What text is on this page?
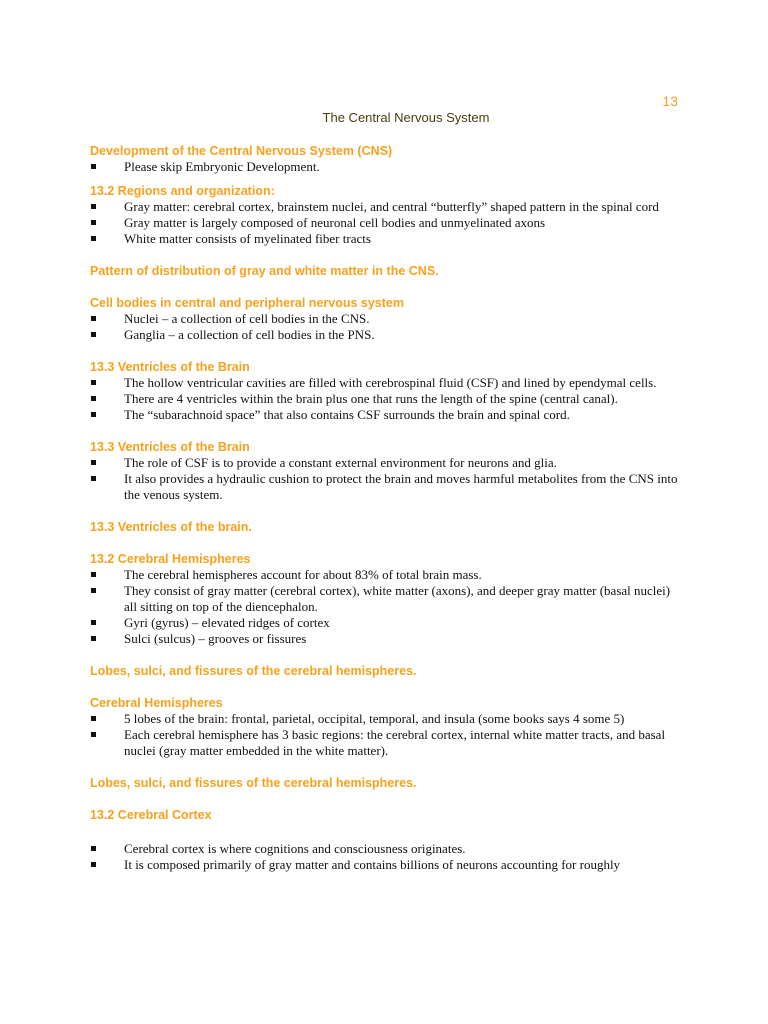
13
The Central Nervous System
Development of the Central Nervous System (CNS)
Please skip Embryonic Development.
13.2 Regions and organization:
Gray matter: cerebral cortex, brainstem nuclei, and central “butterfly” shaped pattern in the spinal cord
Gray matter is largely composed of neuronal cell bodies and unmyelinated axons
White matter consists of myelinated fiber tracts
Pattern of distribution of gray and white matter in the CNS.
Cell bodies in central and peripheral nervous system
Nuclei – a collection of cell bodies in the CNS.
Ganglia – a collection of cell bodies in the PNS.
13.3 Ventricles of the Brain
The hollow ventricular cavities are filled with cerebrospinal fluid (CSF) and lined by ependymal cells.
There are 4 ventricles within the brain plus one that runs the length of the spine (central canal).
The “subarachnoid space” that also contains CSF surrounds the brain and spinal cord.
13.3 Ventricles of the Brain
The role of CSF is to provide a constant external environment for neurons and glia.
It also provides a hydraulic cushion to protect the brain and moves harmful metabolites from the CNS into the venous system.
13.3 Ventricles of the brain.
13.2 Cerebral Hemispheres
The cerebral hemispheres account for about 83% of total brain mass.
They consist of gray matter (cerebral cortex), white matter (axons), and deeper gray matter (basal nuclei) all sitting on top of the diencephalon.
Gyri (gyrus) – elevated ridges of cortex
Sulci (sulcus) – grooves or fissures
Lobes, sulci, and fissures of the cerebral hemispheres.
Cerebral Hemispheres
5 lobes of the brain: frontal, parietal, occipital, temporal, and insula (some books says 4 some 5)
Each cerebral hemisphere has 3 basic regions: the cerebral cortex, internal white matter tracts, and basal nuclei (gray matter embedded in the white matter).
Lobes, sulci, and fissures of the cerebral hemispheres.
13.2 Cerebral Cortex
Cerebral cortex is where cognitions and consciousness originates.
It is composed primarily of gray matter and contains billions of neurons accounting for roughly
